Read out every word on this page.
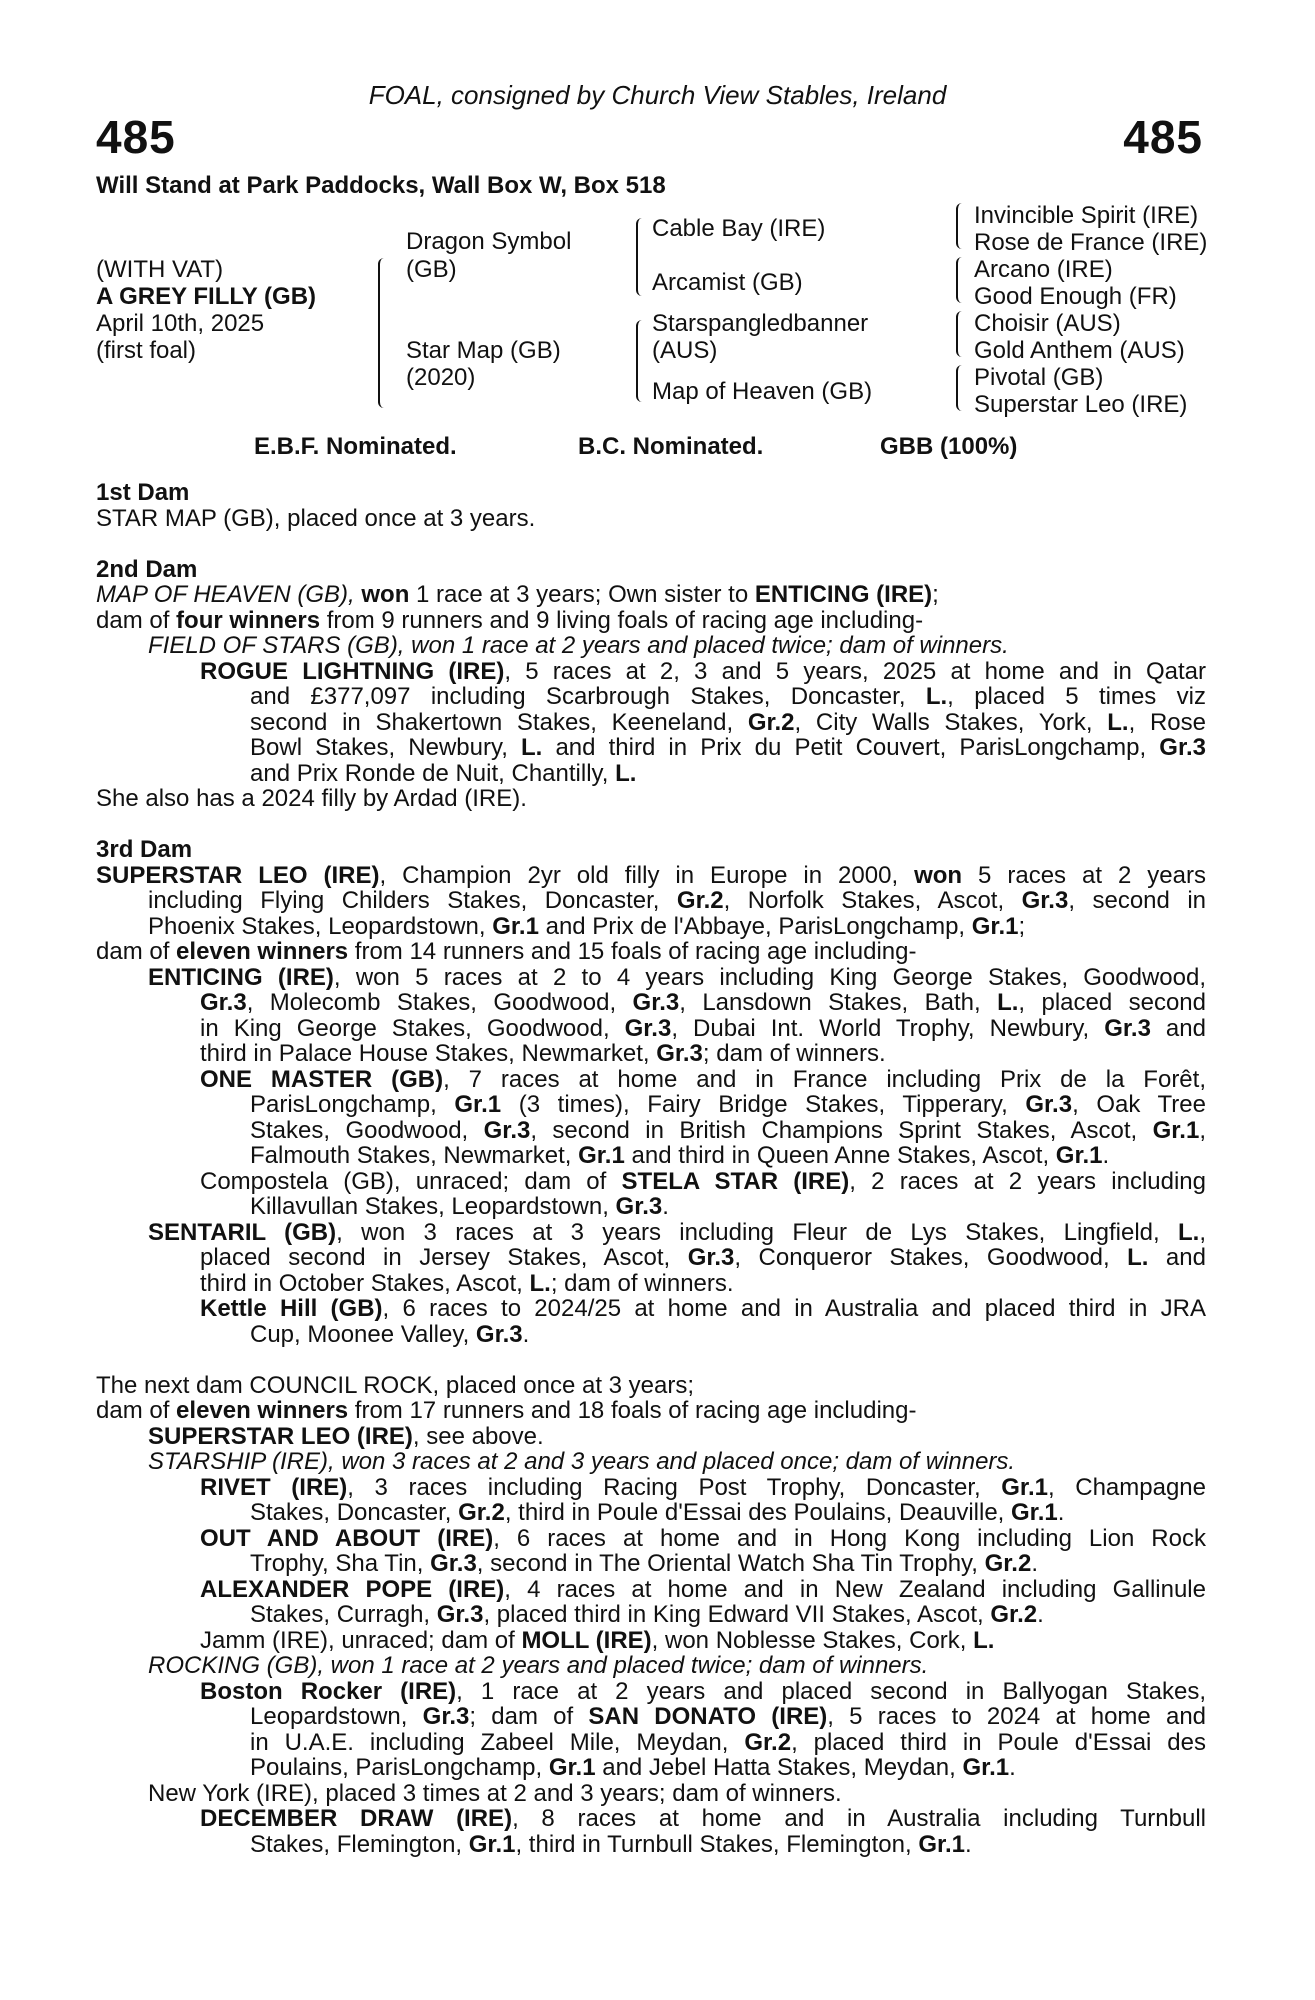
FOAL, consigned by Church View Stables, Ireland
485	485
Will Stand at Park Paddocks, Wall Box W, Box 518
(WITH VAT)
A GREY FILLY (GB)
April 10th, 2025
(first foal)
Dragon Symbol
(GB)
Star Map (GB)
(2020)
Cable Bay (IRE)
Arcamist (GB)
Starspangledbanner
(AUS)
Map of Heaven (GB)
Invincible Spirit (IRE)
Rose de France (IRE)
Arcano (IRE)
Good Enough (FR)
Choisir (AUS)
Gold Anthem (AUS)
Pivotal (GB)
Superstar Leo (IRE)
E.B.F. Nominated.	B.C. Nominated.	GBB (100%)
1st Dam
STAR MAP (GB), placed once at 3 years.
2nd Dam
MAP OF HEAVEN (GB), won 1 race at 3 years; Own sister to ENTICING (IRE);
dam of four winners from 9 runners and 9 living foals of racing age including-
FIELD OF STARS (GB), won 1 race at 2 years and placed twice; dam of winners.
ROGUE LIGHTNING (IRE), 5 races at 2, 3 and 5 years, 2025 at home and in Qatar
and £377,097 including Scarbrough Stakes, Doncaster, L., placed 5 times viz
second in Shakertown Stakes, Keeneland, Gr.2, City Walls Stakes, York, L., Rose
Bowl Stakes, Newbury, L. and third in Prix du Petit Couvert, ParisLongchamp, Gr.3
and Prix Ronde de Nuit, Chantilly, L.
She also has a 2024 filly by Ardad (IRE).
3rd Dam
SUPERSTAR LEO (IRE), Champion 2yr old filly in Europe in 2000, won 5 races at 2 years
including Flying Childers Stakes, Doncaster, Gr.2, Norfolk Stakes, Ascot, Gr.3, second in
Phoenix Stakes, Leopardstown, Gr.1 and Prix de l'Abbaye, ParisLongchamp, Gr.1;
dam of eleven winners from 14 runners and 15 foals of racing age including-
ENTICING (IRE), won 5 races at 2 to 4 years including King George Stakes, Goodwood,
Gr.3, Molecomb Stakes, Goodwood, Gr.3, Lansdown Stakes, Bath, L., placed second
in King George Stakes, Goodwood, Gr.3, Dubai Int. World Trophy, Newbury, Gr.3 and
third in Palace House Stakes, Newmarket, Gr.3; dam of winners.
ONE MASTER (GB), 7 races at home and in France including Prix de la Forêt,
ParisLongchamp, Gr.1 (3 times), Fairy Bridge Stakes, Tipperary, Gr.3, Oak Tree
Stakes, Goodwood, Gr.3, second in British Champions Sprint Stakes, Ascot, Gr.1,
Falmouth Stakes, Newmarket, Gr.1 and third in Queen Anne Stakes, Ascot, Gr.1.
Compostela (GB), unraced; dam of STELA STAR (IRE), 2 races at 2 years including
Killavullan Stakes, Leopardstown, Gr.3.
SENTARIL (GB), won 3 races at 3 years including Fleur de Lys Stakes, Lingfield, L.,
placed second in Jersey Stakes, Ascot, Gr.3, Conqueror Stakes, Goodwood, L. and
third in October Stakes, Ascot, L.; dam of winners.
Kettle Hill (GB), 6 races to 2024/25 at home and in Australia and placed third in JRA
Cup, Moonee Valley, Gr.3.
The next dam COUNCIL ROCK, placed once at 3 years;
dam of eleven winners from 17 runners and 18 foals of racing age including-
SUPERSTAR LEO (IRE), see above.
STARSHIP (IRE), won 3 races at 2 and 3 years and placed once; dam of winners.
RIVET (IRE), 3 races including Racing Post Trophy, Doncaster, Gr.1, Champagne
Stakes, Doncaster, Gr.2, third in Poule d'Essai des Poulains, Deauville, Gr.1.
OUT AND ABOUT (IRE), 6 races at home and in Hong Kong including Lion Rock
Trophy, Sha Tin, Gr.3, second in The Oriental Watch Sha Tin Trophy, Gr.2.
ALEXANDER POPE (IRE), 4 races at home and in New Zealand including Gallinule
Stakes, Curragh, Gr.3, placed third in King Edward VII Stakes, Ascot, Gr.2.
Jamm (IRE), unraced; dam of MOLL (IRE), won Noblesse Stakes, Cork, L.
ROCKING (GB), won 1 race at 2 years and placed twice; dam of winners.
Boston Rocker (IRE), 1 race at 2 years and placed second in Ballyogan Stakes,
Leopardstown, Gr.3; dam of SAN DONATO (IRE), 5 races to 2024 at home and
in U.A.E. including Zabeel Mile, Meydan, Gr.2, placed third in Poule d'Essai des
Poulains, ParisLongchamp, Gr.1 and Jebel Hatta Stakes, Meydan, Gr.1.
New York (IRE), placed 3 times at 2 and 3 years; dam of winners.
DECEMBER DRAW (IRE), 8 races at home and in Australia including Turnbull
Stakes, Flemington, Gr.1, third in Turnbull Stakes, Flemington, Gr.1.
